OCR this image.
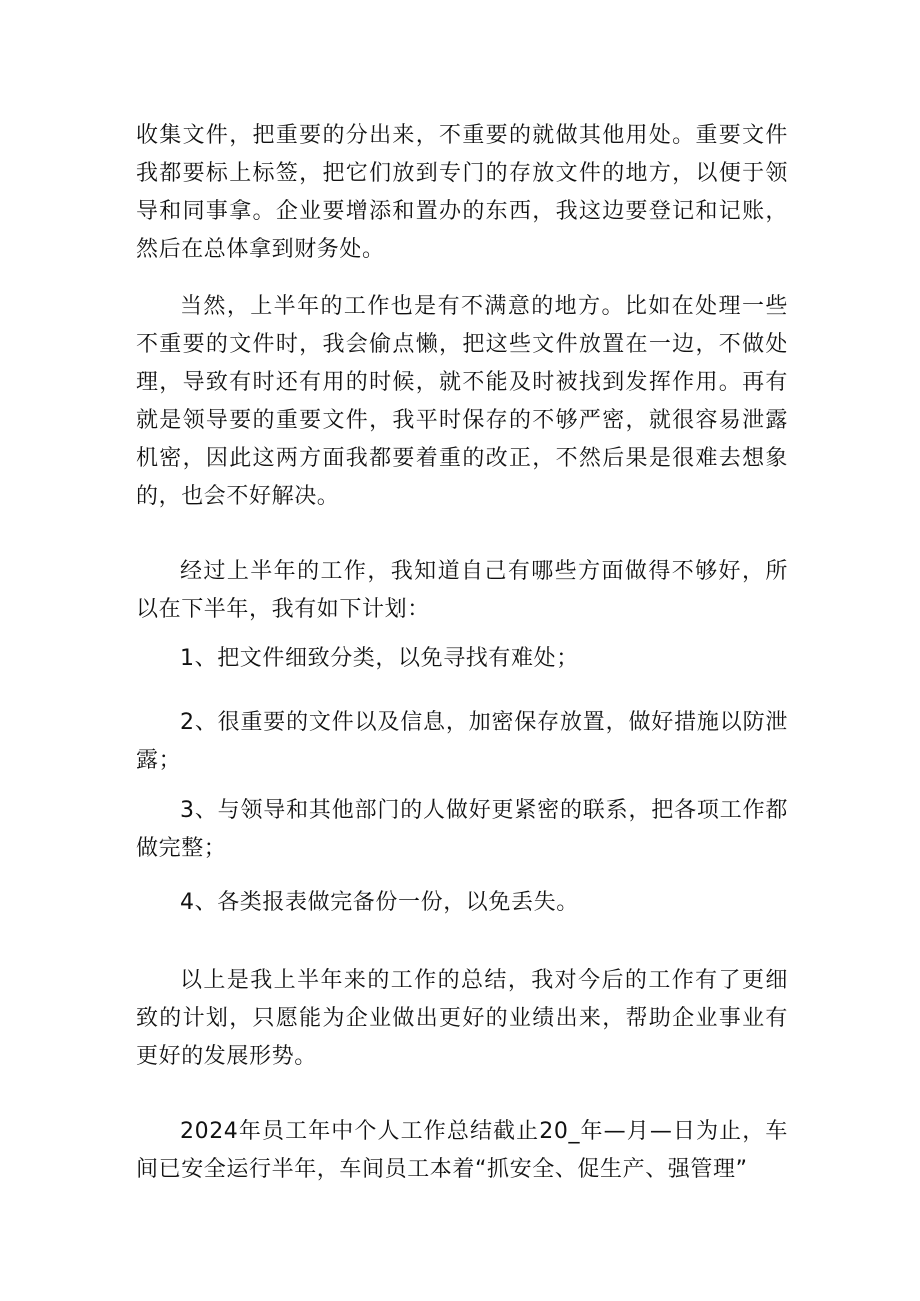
收集文件，把重要的分出来，不重要的就做其他用处。重要文件我都要标上标签，把它们放到专门的存放文件的地方，以便于领导和同事拿。企业要增添和置办的东西，我这边要登记和记账，然后在总体拿到财务处。

当然，上半年的工作也是有不满意的地方。比如在处理一些不重要的文件时，我会偷点懒，把这些文件放置在一边，不做处理，导致有时还有用的时候，就不能及时被找到发挥作用。再有就是领导要的重要文件，我平时保存的不够严密，就很容易泄露机密，因此这两方面我都要着重的改正，不然后果是很难去想象的，也会不好解决。

经过上半年的工作，我知道自己有哪些方面做得不够好，所以在下半年，我有如下计划：

1、把文件细致分类，以免寻找有难处；

2、很重要的文件以及信息，加密保存放置，做好措施以防泄露；

3、与领导和其他部门的人做好更紧密的联系，把各项工作都做完整；

4、各类报表做完备份一份，以免丢失。

以上是我上半年来的工作的总结，我对今后的工作有了更细致的计划，只愿能为企业做出更好的业绩出来，帮助企业事业有更好的发展形势。

2024年员工年中个人工作总结截止20_年—月—日为止，车间已安全运行半年，车间员工本着“抓安全、促生产、强管理”
